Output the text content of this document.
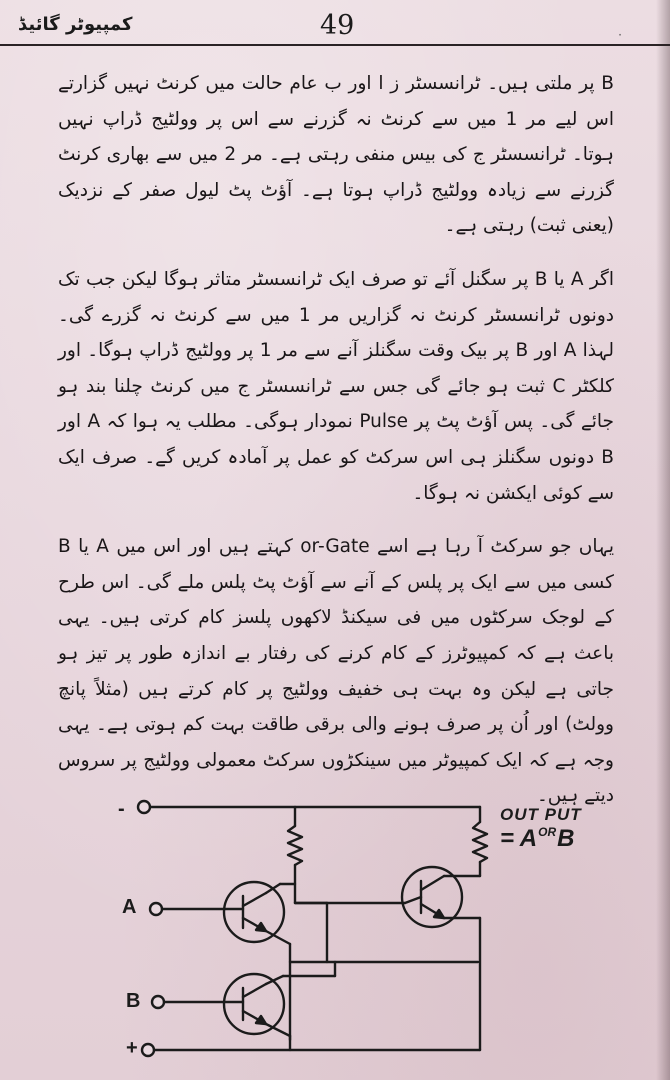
کمپیوٹر گائیڈ	49	·

B پر ملتی ہیں۔ ٹرانسسٹر ز ا اور ب عام حالت میں کرنٹ نہیں گزارتے اس لیے مر 1 میں سے کرنٹ نہ گزرنے سے اس پر وولٹیج ڈراپ نہیں ہوتا۔ ٹرانسسٹر ج کی بیس منفی رہتی ہے۔ مر 2 میں سے بھاری کرنٹ گزرنے سے زیادہ وولٹیج ڈراپ ہوتا ہے۔ آؤٹ پٹ لیول صفر کے نزدیک (یعنی ثبت) رہتی ہے۔

اگر A یا B پر سگنل آئے تو صرف ایک ٹرانسسٹر متاثر ہوگا لیکن جب تک دونوں ٹرانسسٹر کرنٹ نہ گزاریں مر 1 میں سے کرنٹ نہ گزرے گی۔ لہذا A اور B پر بیک وقت سگنلز آنے سے مر 1 پر وولٹیج ڈراپ ہوگا۔ اور کلکٹر C ثبت ہو جائے گی جس سے ٹرانسسٹر ج میں کرنٹ چلنا بند ہو جائے گی۔ پس آؤٹ پٹ پر Pulse نمودار ہوگی۔ مطلب یہ ہوا کہ A اور B دونوں سگنلز ہی اس سرکٹ کو عمل پر آمادہ کریں گے۔ صرف ایک سے کوئی ایکشن نہ ہوگا۔

یہاں جو سرکٹ آ رہا ہے اسے or-Gate کہتے ہیں اور اس میں A یا B کسی میں سے ایک پر پلس کے آنے سے آؤٹ پٹ پلس ملے گی۔ اس طرح کے لوجک سرکٹوں میں فی سیکنڈ لاکھوں پلسز کام کرتی ہیں۔ یہی باعث ہے کہ کمپیوٹرز کے کام کرنے کی رفتار بے اندازہ طور پر تیز ہو جاتی ہے لیکن وہ بہت ہی خفیف وولٹیج پر کام کرتے ہیں (مثلاً پانچ وولٹ) اور اُن پر صرف ہونے والی برقی طاقت بہت کم ہوتی ہے۔ یہی وجہ ہے کہ ایک کمپیوٹر میں سینکڑوں سرکٹ معمولی وولٹیج پر سروس دیتے ہیں۔

-
A
B
+
OUT PUT
= $A^{OR}B$
